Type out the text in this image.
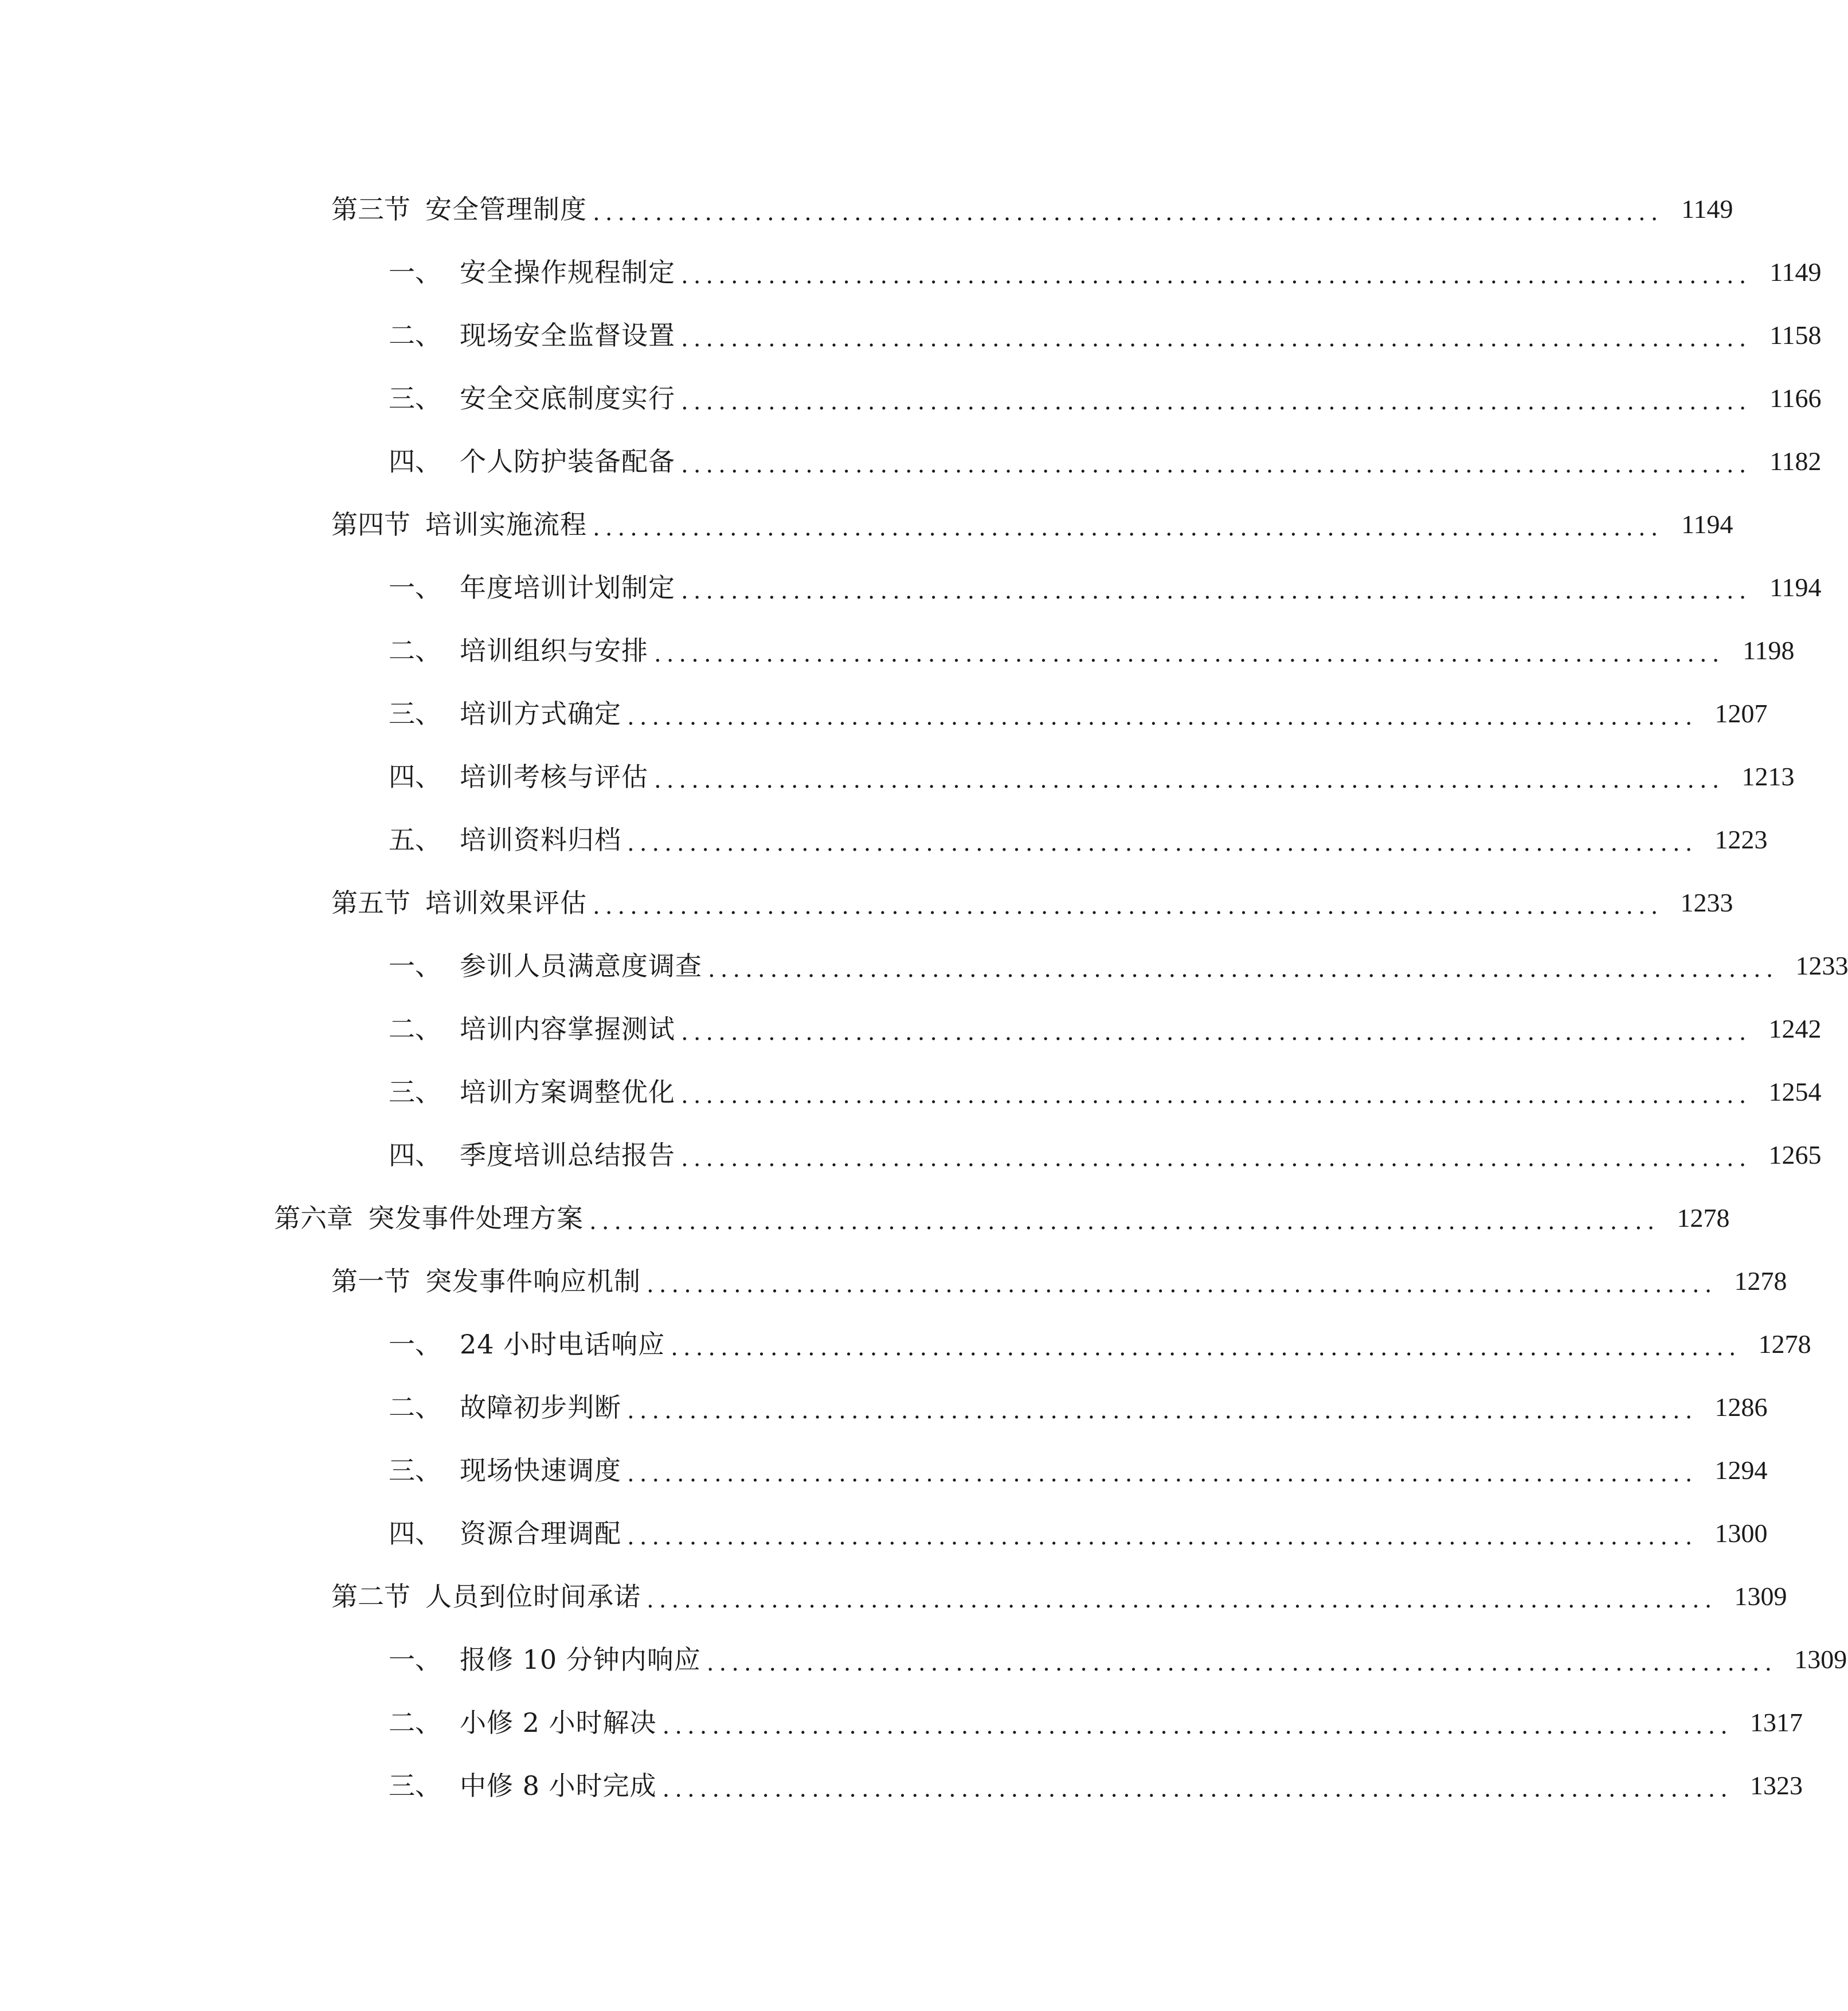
第三节 安全管理制度 ...................................................................................... 1149
一、 安全操作规程制定 ...................................................................................... 1149
二、 现场安全监督设置 ...................................................................................... 1158
三、 安全交底制度实行 ...................................................................................... 1166
四、 个人防护装备配备 ...................................................................................... 1182
第四节 培训实施流程 ...................................................................................... 1194
一、 年度培训计划制定 ...................................................................................... 1194
二、 培训组织与安排 ...................................................................................... 1198
三、 培训方式确定 ...................................................................................... 1207
四、 培训考核与评估 ...................................................................................... 1213
五、 培训资料归档 ...................................................................................... 1223
第五节 培训效果评估 ...................................................................................... 1233
一、 参训人员满意度调查 ...................................................................................... 1233
二、 培训内容掌握测试 ...................................................................................... 1242
三、 培训方案调整优化 ...................................................................................... 1254
四、 季度培训总结报告 ...................................................................................... 1265
第六章 突发事件处理方案 ...................................................................................... 1278
第一节 突发事件响应机制 ...................................................................................... 1278
一、 24 小时电话响应 ...................................................................................... 1278
二、 故障初步判断 ...................................................................................... 1286
三、 现场快速调度 ...................................................................................... 1294
四、 资源合理调配 ...................................................................................... 1300
第二节 人员到位时间承诺 ...................................................................................... 1309
一、 报修 10 分钟内响应 ...................................................................................... 1309
二、 小修 2 小时解决 ...................................................................................... 1317
三、 中修 8 小时完成 ...................................................................................... 1323
